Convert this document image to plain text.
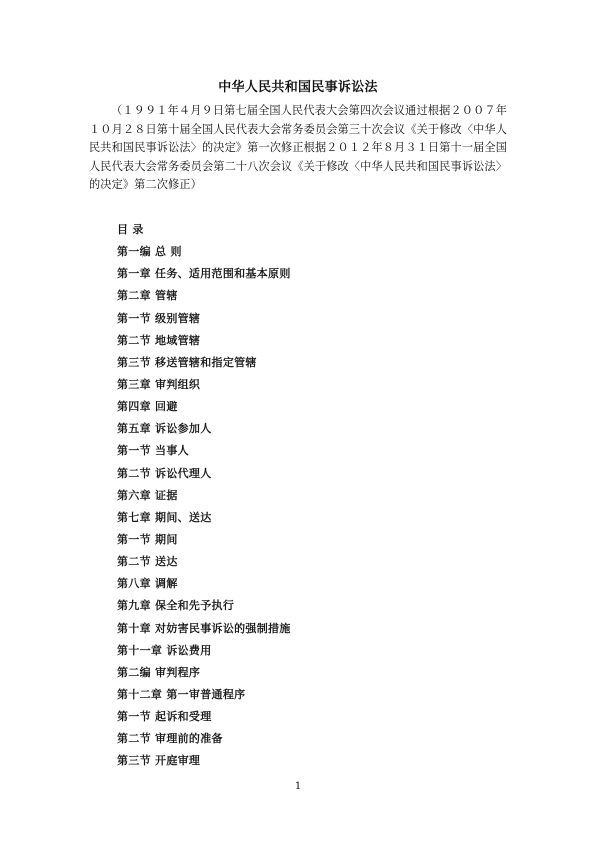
中华人民共和国民事诉讼法

（１９９１年４月９日第七届全国人民代表大会第四次会议通过根据２００７年１０月２８日第十届全国人民代表大会常务委员会第三十次会议《关于修改〈中华人民共和国民事诉讼法〉的决定》第一次修正根据２０１２年８月３１日第十一届全国人民代表大会常务委员会第二十八次会议《关于修改〈中华人民共和国民事诉讼法〉的决定》第二次修正）

目 录
第一编 总 则
第一章 任务、适用范围和基本原则
第二章 管辖
第一节 级别管辖
第二节 地域管辖
第三节 移送管辖和指定管辖
第三章 审判组织
第四章 回避
第五章 诉讼参加人
第一节 当事人
第二节 诉讼代理人
第六章 证据
第七章 期间、送达
第一节 期间
第二节 送达
第八章 调解
第九章 保全和先予执行
第十章 对妨害民事诉讼的强制措施
第十一章 诉讼费用
第二编 审判程序
第十二章 第一审普通程序
第一节 起诉和受理
第二节 审理前的准备
第三节 开庭审理
1
